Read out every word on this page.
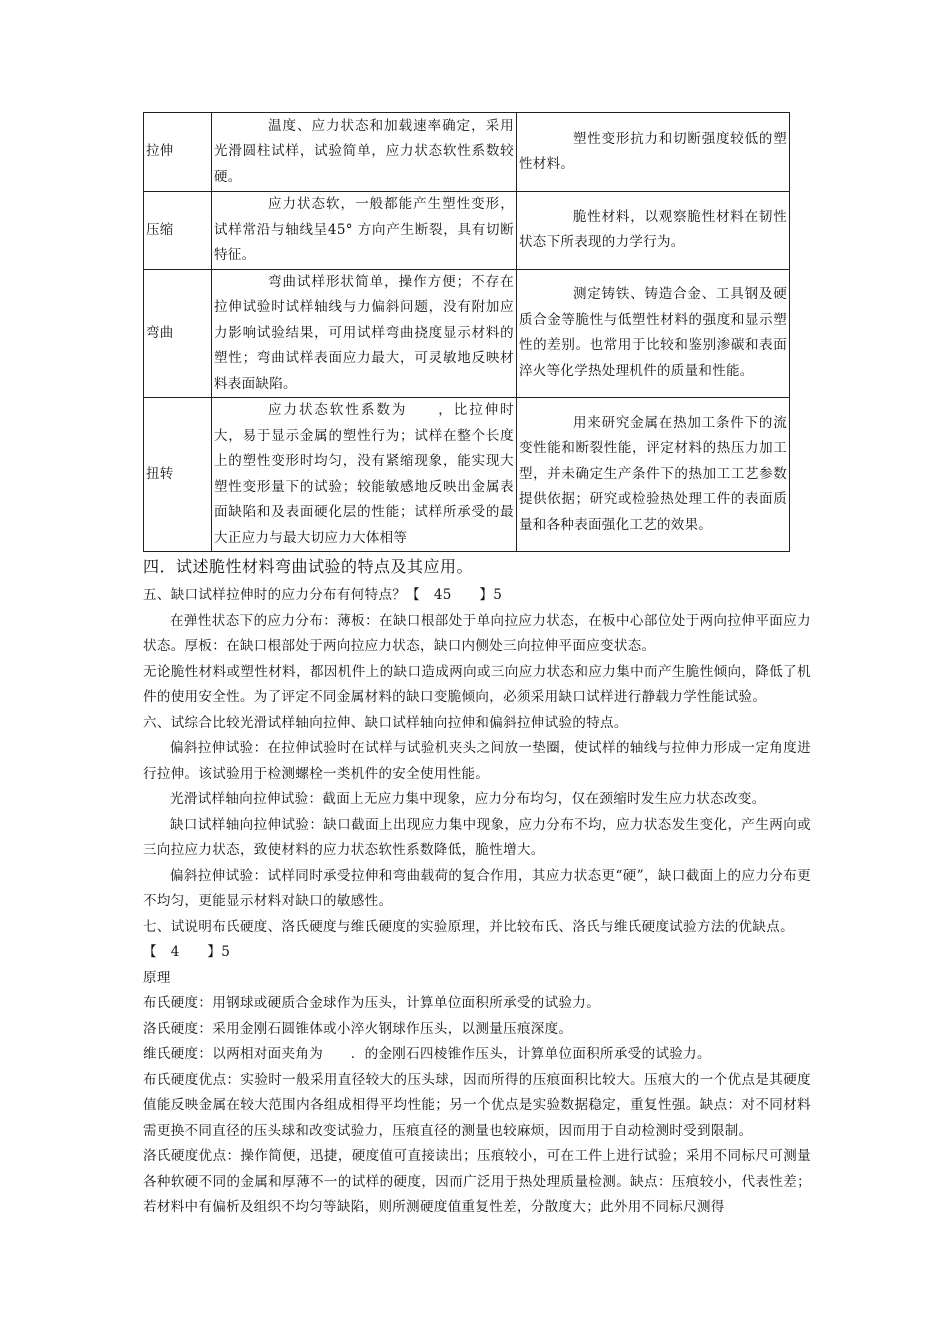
拉伸	温度、应力状态和加载速率确定，采用光滑圆柱试样，试验简单，应力状态软性系数较硬。	塑性变形抗力和切断强度较低的塑性材料。
压缩	应力状态软，一般都能产生塑性变形，试样常沿与轴线呈45° 方向产生断裂，具有切断特征。	脆性材料，以观察脆性材料在韧性状态下所表现的力学行为。
弯曲	弯曲试样形状简单，操作方便；不存在拉伸试验时试样轴线与力偏斜问题，没有附加应力影响试验结果，可用试样弯曲挠度显示材料的塑性；弯曲试样表面应力最大，可灵敏地反映材料表面缺陷。	测定铸铁、铸造合金、工具钢及硬质合金等脆性与低塑性材料的强度和显示塑性的差别。也常用于比较和鉴别渗碳和表面淬火等化学热处理机件的质量和性能。
扭转	应力状态软性系数为　　，比拉伸时大，易于显示金属的塑性行为；试样在整个长度上的塑性变形时均匀，没有紧缩现象，能实现大塑性变形量下的试验；较能敏感地反映出金属表面缺陷和及表面硬化层的性能；试样所承受的最大正应力与最大切应力大体相等	用来研究金属在热加工条件下的流变性能和断裂性能，评定材料的热压力加工型，并未确定生产条件下的热加工工艺参数提供依据；研究或检验热处理工件的表面质量和各种表面强化工艺的效果。
四．试述脆性材料弯曲试验的特点及其应用。

五、缺口试样拉伸时的应力分布有何特点？【　45　　】5

在弹性状态下的应力分布：薄板：在缺口根部处于单向拉应力状态，在板中心部位处于两向拉伸平面应力状态。厚板：在缺口根部处于两向拉应力状态，缺口内侧处三向拉伸平面应变状态。

无论脆性材料或塑性材料，都因机件上的缺口造成两向或三向应力状态和应力集中而产生脆性倾向，降低了机件的使用安全性。为了评定不同金属材料的缺口变脆倾向，必须采用缺口试样进行静载力学性能试验。

六、试综合比较光滑试样轴向拉伸、缺口试样轴向拉伸和偏斜拉伸试验的特点。

偏斜拉伸试验：在拉伸试验时在试样与试验机夹头之间放一垫圈，使试样的轴线与拉伸力形成一定角度进行拉伸。该试验用于检测螺栓一类机件的安全使用性能。

光滑试样轴向拉伸试验：截面上无应力集中现象，应力分布均匀，仅在颈缩时发生应力状态改变。

缺口试样轴向拉伸试验：缺口截面上出现应力集中现象，应力分布不均，应力状态发生变化，产生两向或三向拉应力状态，致使材料的应力状态软性系数降低，脆性增大。

偏斜拉伸试验：试样同时承受拉伸和弯曲载荷的复合作用，其应力状态更“硬”，缺口截面上的应力分布更不均匀，更能显示材料对缺口的敏感性。

七、试说明布氏硬度、洛氏硬度与维氏硬度的实验原理，并比较布氏、洛氏与维氏硬度试验方法的优缺点。

【　4　　】5

原理

布氏硬度：用钢球或硬质合金球作为压头，计算单位面积所承受的试验力。

洛氏硬度：采用金刚石圆锥体或小淬火钢球作压头，以测量压痕深度。

维氏硬度：以两相对面夹角为　　．的金刚石四棱锥作压头，计算单位面积所承受的试验力。

布氏硬度优点：实验时一般采用直径较大的压头球，因而所得的压痕面积比较大。压痕大的一个优点是其硬度值能反映金属在较大范围内各组成相得平均性能；另一个优点是实验数据稳定，重复性强。缺点：对不同材料需更换不同直径的压头球和改变试验力，压痕直径的测量也较麻烦，因而用于自动检测时受到限制。

洛氏硬度优点：操作简便，迅捷，硬度值可直接读出；压痕较小，可在工件上进行试验；采用不同标尺可测量各种软硬不同的金属和厚薄不一的试样的硬度，因而广泛用于热处理质量检测。缺点：压痕较小，代表性差；若材料中有偏析及组织不均匀等缺陷，则所测硬度值重复性差，分散度大；此外用不同标尺测得
